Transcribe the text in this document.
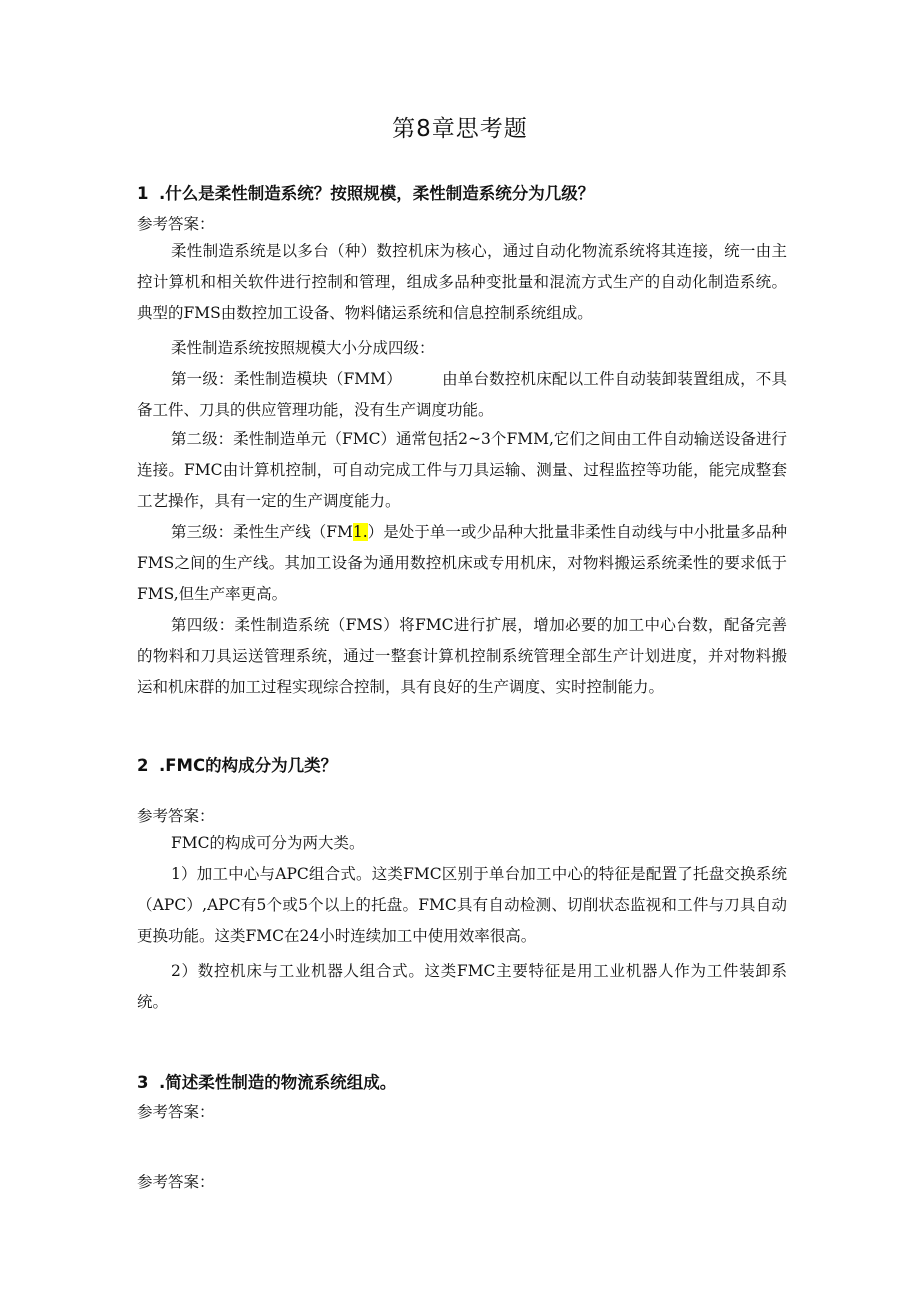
第8章思考题
1 .什么是柔性制造系统？按照规模，柔性制造系统分为几级？
参考答案：
柔性制造系统是以多台（种）数控机床为核心，通过自动化物流系统将其连接，统一由主控计算机和相关软件进行控制和管理，组成多品种变批量和混流方式生产的自动化制造系统。典型的FMS由数控加工设备、物料储运系统和信息控制系统组成。
柔性制造系统按照规模大小分成四级：
第一级：柔性制造模块（FMM）	由单台数控机床配以工件自动装卸装置组成，不具备工件、刀具的供应管理功能，没有生产调度功能。
第二级：柔性制造单元（FMC）通常包括2~3个FMM,它们之间由工件自动输送设备进行连接。FMC由计算机控制，可自动完成工件与刀具运输、测量、过程监控等功能，能完成整套工艺操作，具有一定的生产调度能力。
第三级：柔性生产线（FM1.）是处于单一或少品种大批量非柔性自动线与中小批量多品种FMS之间的生产线。其加工设备为通用数控机床或专用机床，对物料搬运系统柔性的要求低于FMS,但生产率更高。
第四级：柔性制造系统（FMS）将FMC进行扩展，增加必要的加工中心台数，配备完善的物料和刀具运送管理系统，通过一整套计算机控制系统管理全部生产计划进度，并对物料搬运和机床群的加工过程实现综合控制，具有良好的生产调度、实时控制能力。
2 .FMC的构成分为几类？
参考答案：
FMC的构成可分为两大类。
1）加工中心与APC组合式。这类FMC区别于单台加工中心的特征是配置了托盘交换系统（APC）,APC有5个或5个以上的托盘。FMC具有自动检测、切削状态监视和工件与刀具自动更换功能。这类FMC在24小时连续加工中使用效率很高。
2）数控机床与工业机器人组合式。这类FMC主要特征是用工业机器人作为工件装卸系统。
3 .简述柔性制造的物流系统组成。
参考答案：
参考答案：
